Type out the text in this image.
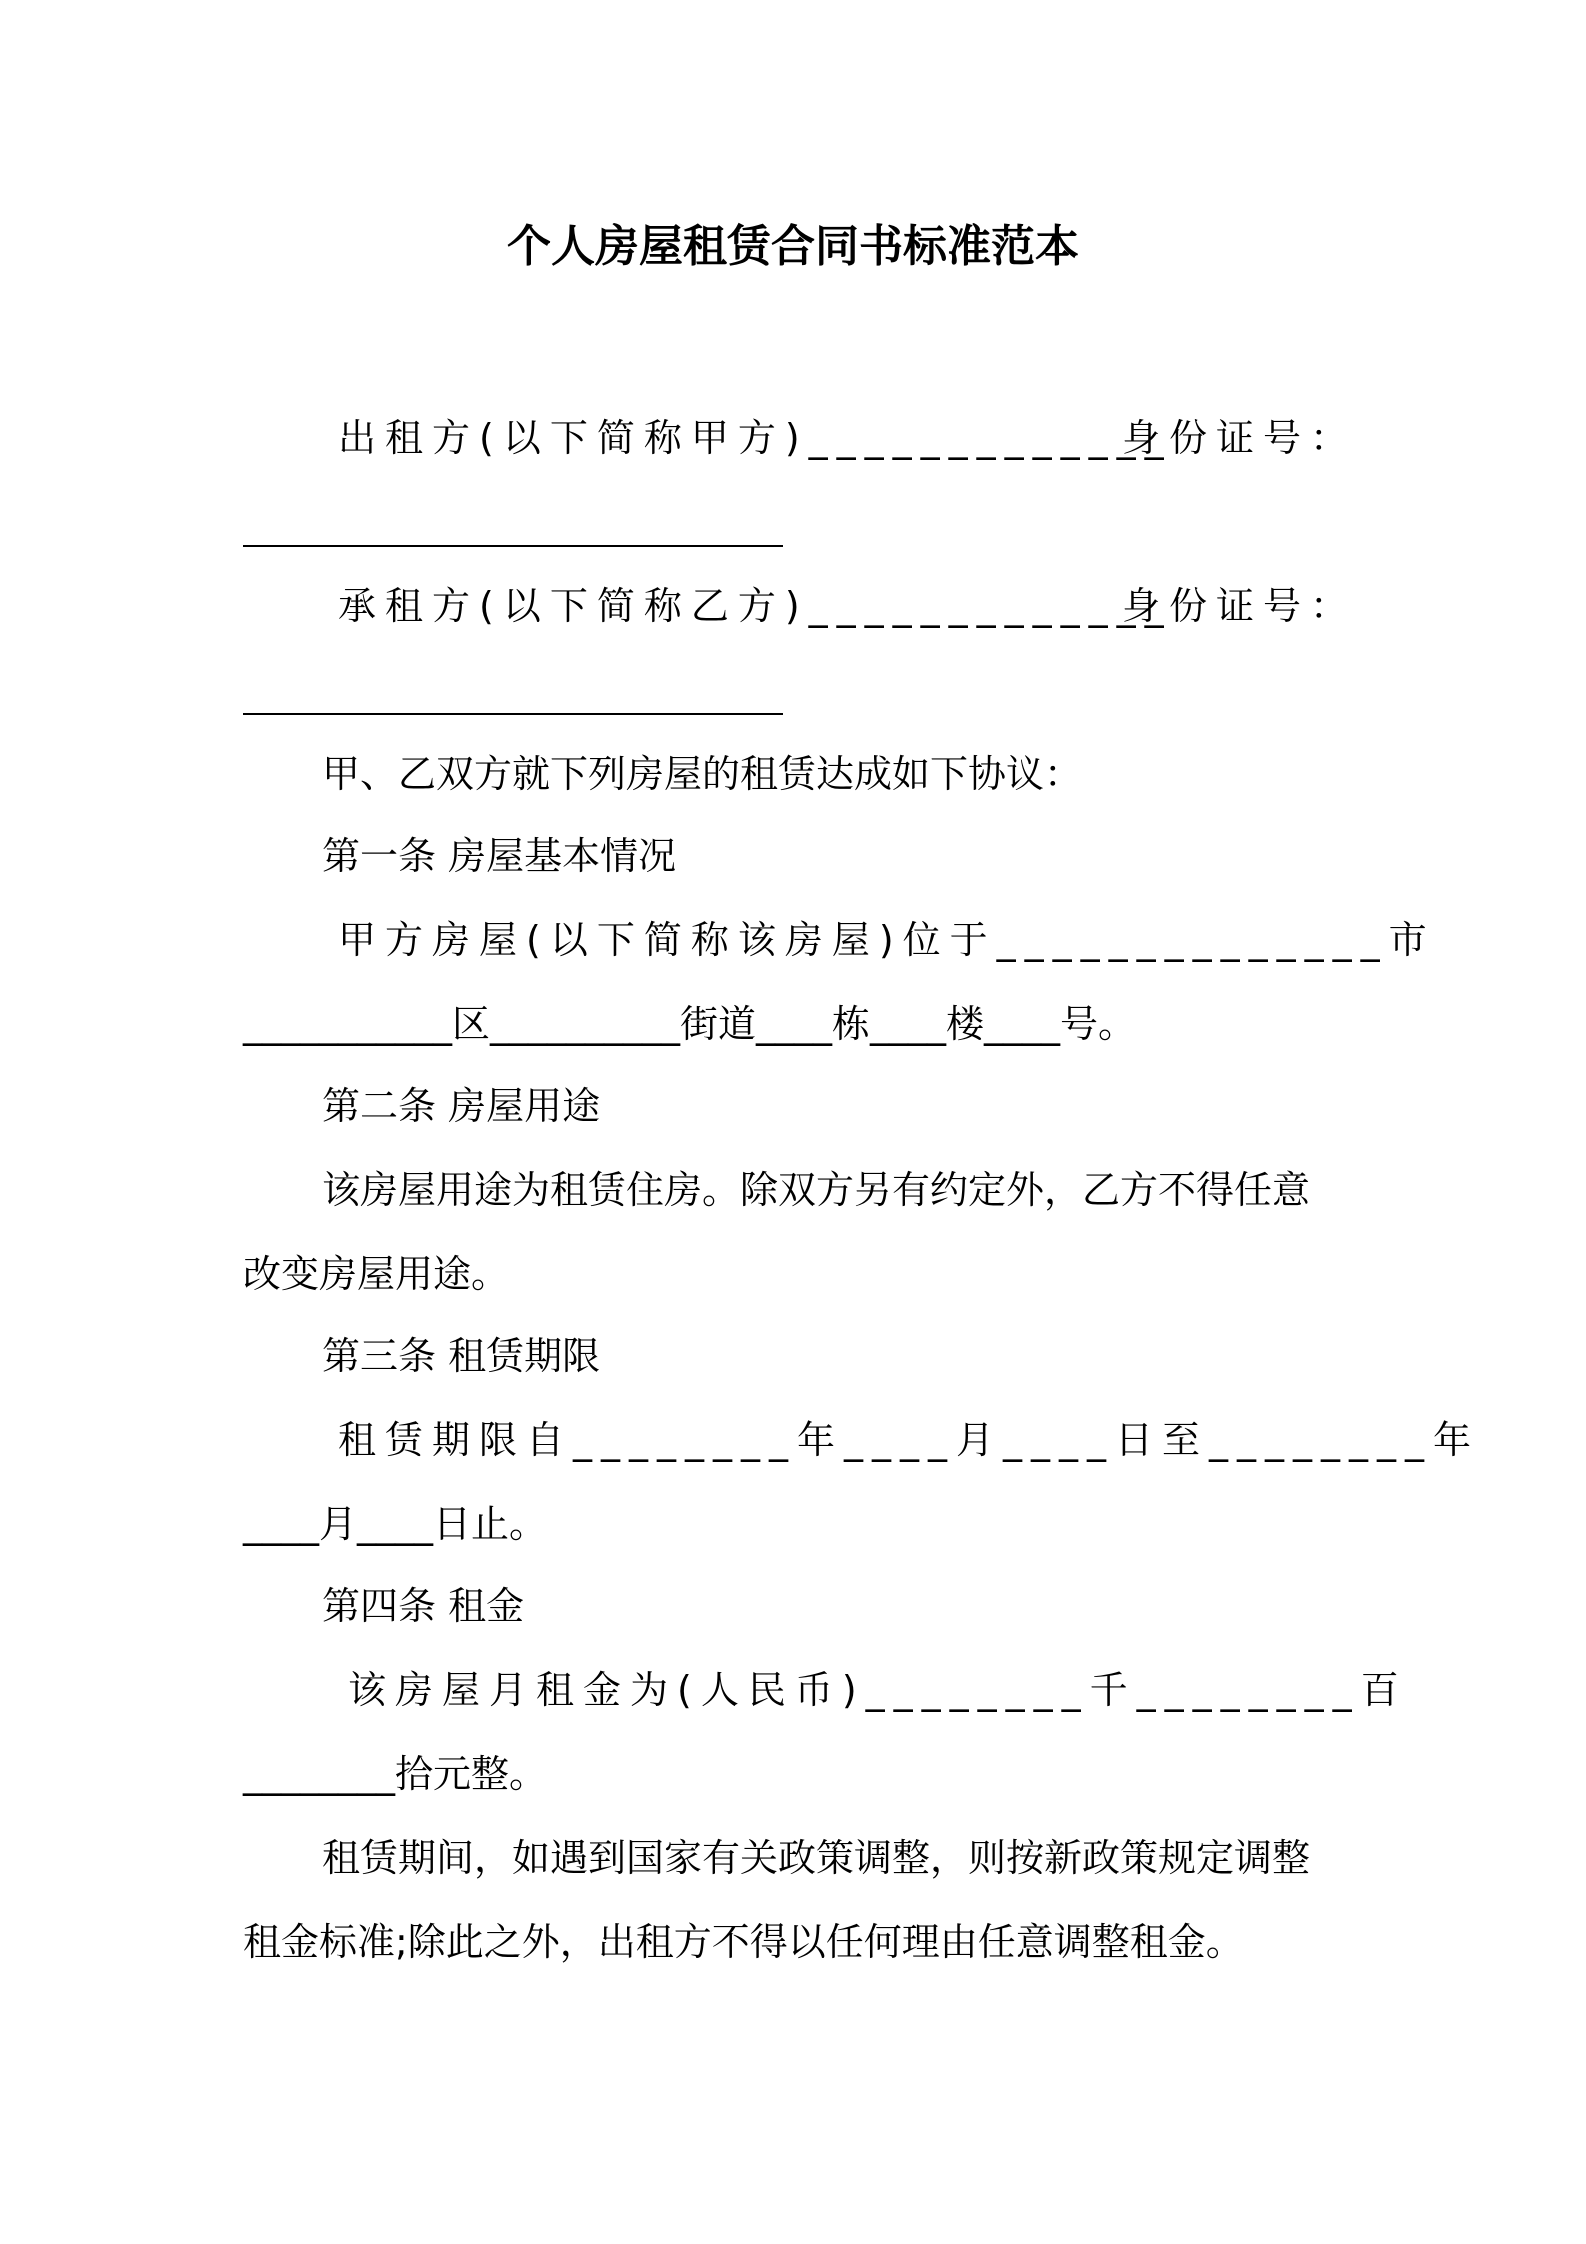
个人房屋租赁合同书标准范本
出租方(以下简称甲方)_____________
身份证号：
承租方(以下简称乙方)_____________
身份证号：
甲、乙双方就下列房屋的租赁达成如下协议：
第一条 房屋基本情况
甲方房屋(以下简称该房屋)位于______________市
___________区__________街道____栋____楼____号。
第二条 房屋用途
该房屋用途为租赁住房。除双方另有约定外，乙方不得任意
改变房屋用途。
第三条 租赁期限
租赁期限自________年____月____日至________年
____月____日止。
第四条 租金
该房屋月租金为(人民币)________千________百
________拾元整。
租赁期间，如遇到国家有关政策调整，则按新政策规定调整
租金标准;除此之外，出租方不得以任何理由任意调整租金。
